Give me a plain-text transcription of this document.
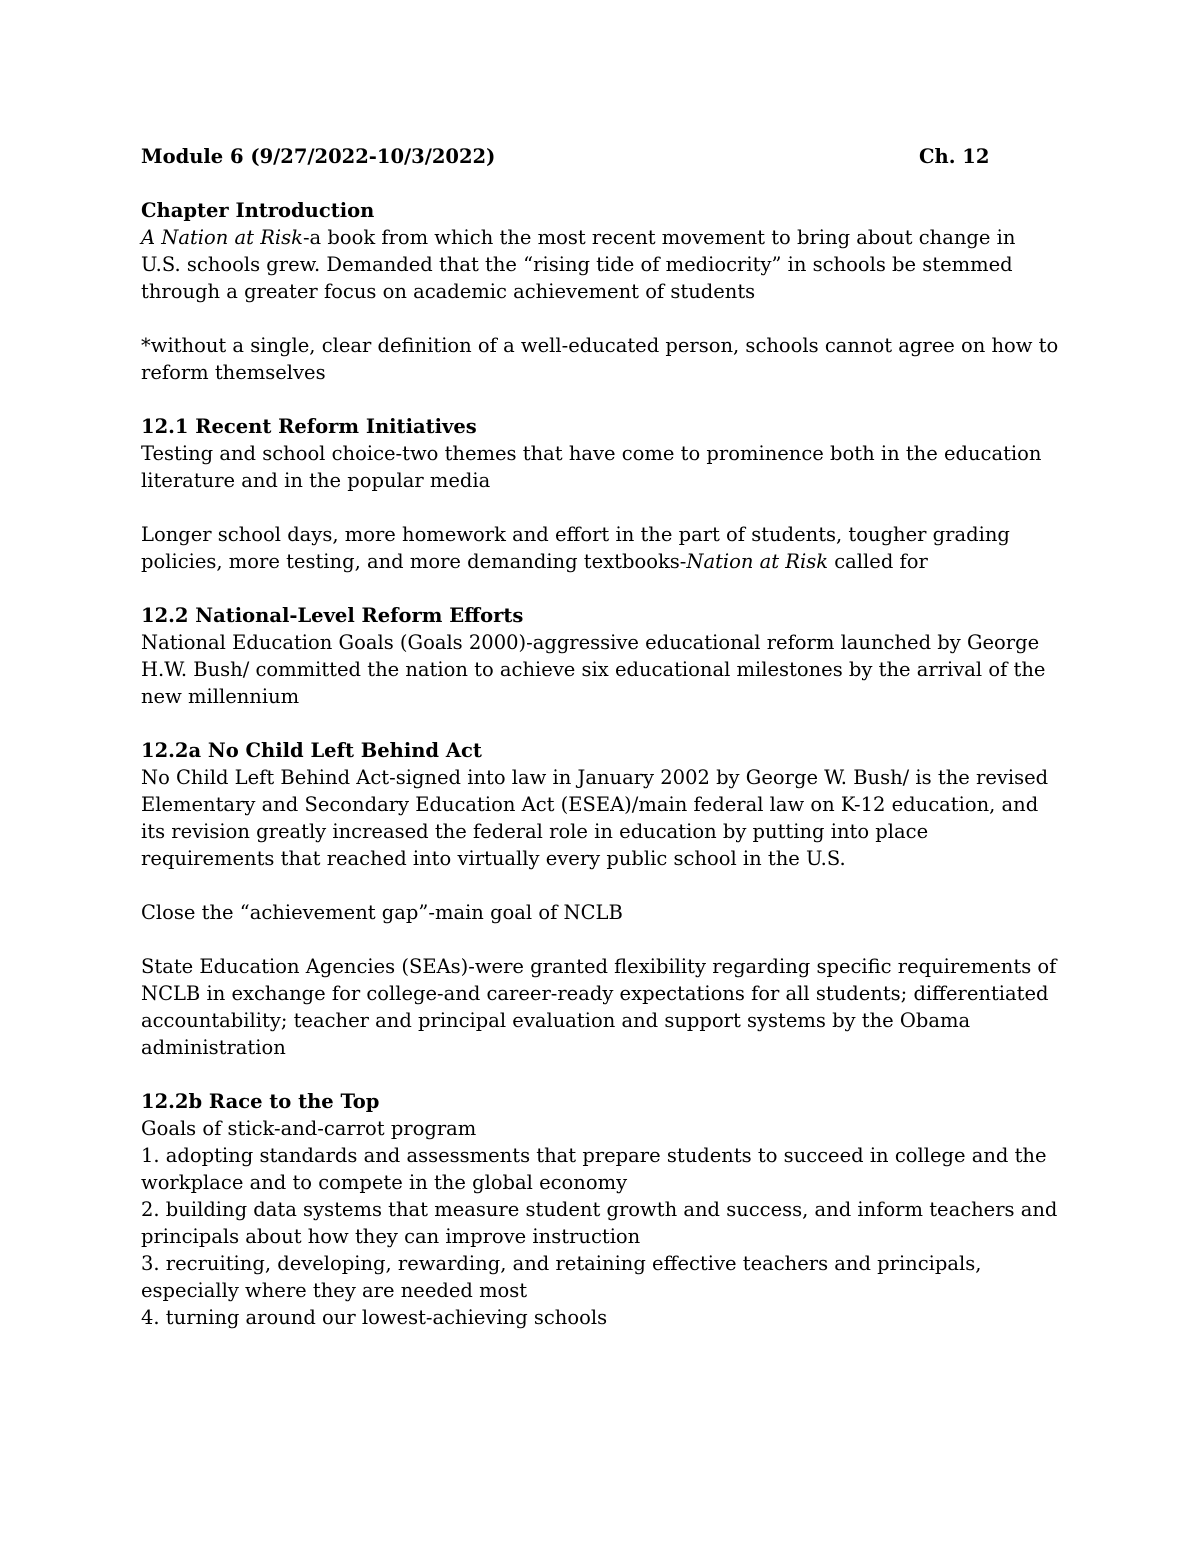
Module 6 (9/27/2022-10/3/2022)	Ch. 12
Chapter Introduction

A Nation at Risk-a book from which the most recent movement to bring about change in U.S. schools grew. Demanded that the “rising tide of mediocrity” in schools be stemmed through a greater focus on academic achievement of students

*without a single, clear definition of a well-educated person, schools cannot agree on how to reform themselves

12.1 Recent Reform Initiatives

Testing and school choice-two themes that have come to prominence both in the education literature and in the popular media

Longer school days, more homework and effort in the part of students, tougher grading policies, more testing, and more demanding textbooks-Nation at Risk called for

12.2 National-Level Reform Efforts

National Education Goals (Goals 2000)-aggressive educational reform launched by George H.W. Bush/ committed the nation to achieve six educational milestones by the arrival of the new millennium

12.2a No Child Left Behind Act

No Child Left Behind Act-signed into law in January 2002 by George W. Bush/ is the revised Elementary and Secondary Education Act (ESEA)/main federal law on K-12 education, and its revision greatly increased the federal role in education by putting into place requirements that reached into virtually every public school in the U.S.

Close the “achievement gap”-main goal of NCLB

State Education Agencies (SEAs)-were granted flexibility regarding specific requirements of NCLB in exchange for college-and career-ready expectations for all students; differentiated accountability; teacher and principal evaluation and support systems by the Obama administration

12.2b Race to the Top

Goals of stick-and-carrot program

1. adopting standards and assessments that prepare students to succeed in college and the workplace and to compete in the global economy

2. building data systems that measure student growth and success, and inform teachers and principals about how they can improve instruction

3. recruiting, developing, rewarding, and retaining effective teachers and principals, especially where they are needed most

4. turning around our lowest-achieving schools
